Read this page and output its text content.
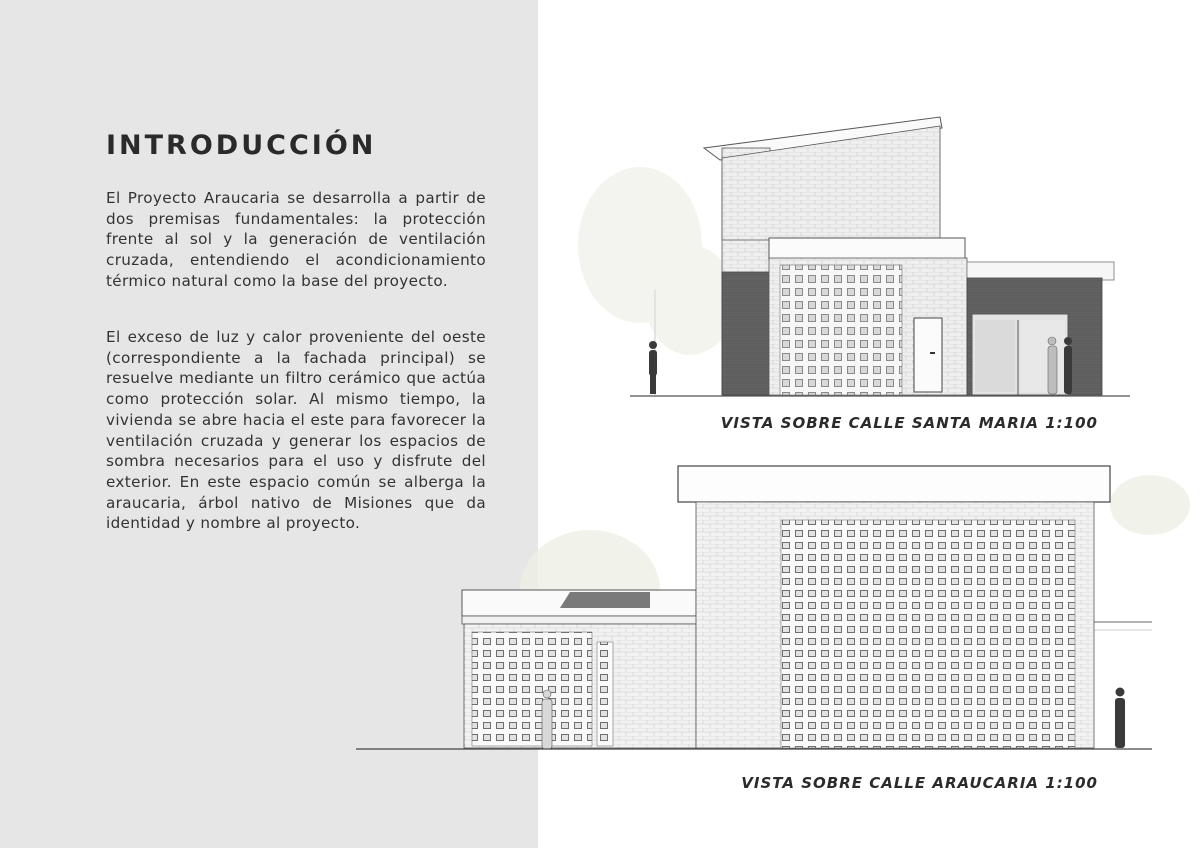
INTRODUCCIÓN

El Proyecto Araucaria se desarrolla a partir de dos premisas fundamentales: la protección frente al sol y la generación de ventilación cruzada, entendiendo el acondicionamiento térmico natural como la base del proyecto.

El exceso de luz y calor proveniente del oeste (correspondiente a la fachada principal) se resuelve mediante un filtro cerámico que actúa como protección solar. Al mismo tiempo, la vivienda se abre hacia el este para favorecer la ventilación cruzada y generar los espacios de sombra necesarios para el uso y disfrute del exterior. En este espacio común se alberga la araucaria, árbol nativo de Misiones que da identidad y nombre al proyecto.

VISTA SOBRE CALLE SANTA MARIA 1:100
VISTA SOBRE CALLE ARAUCARIA 1:100
